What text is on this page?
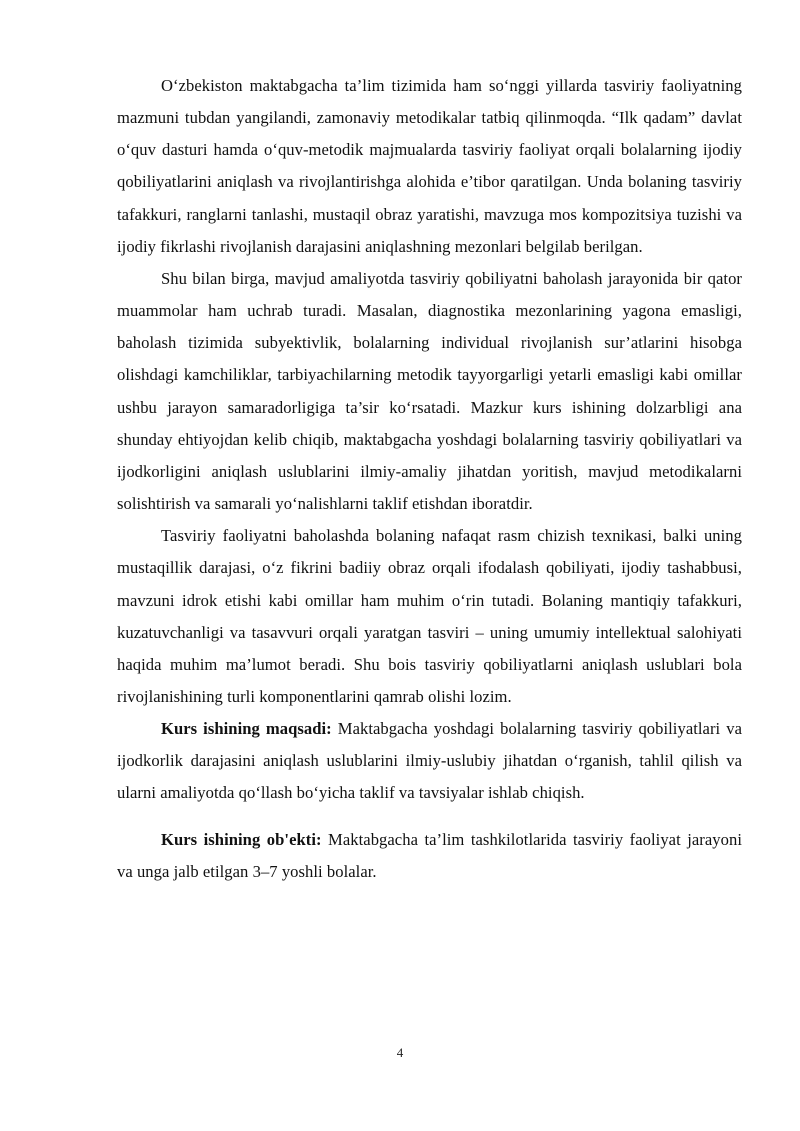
O‘zbekiston maktabgacha ta’lim tizimida ham so‘nggi yillarda tasviriy faoliyatning mazmuni tubdan yangilandi, zamonaviy metodikalar tatbiq qilinmoqda. “Ilk qadam” davlat o‘quv dasturi hamda o‘quv-metodik majmualarda tasviriy faoliyat orqali bolalarning ijodiy qobiliyatlarini aniqlash va rivojlantirishga alohida e’tibor qaratilgan. Unda bolaning tasviriy tafakkuri, ranglarni tanlashi, mustaqil obraz yaratishi, mavzuga mos kompozitsiya tuzishi va ijodiy fikrlashi rivojlanish darajasini aniqlashning mezonlari belgilab berilgan.

Shu bilan birga, mavjud amaliyotda tasviriy qobiliyatni baholash jarayonida bir qator muammolar ham uchrab turadi. Masalan, diagnostika mezonlarining yagona emasligi, baholash tizimida subyektivlik, bolalarning individual rivojlanish sur’atlarini hisobga olishdagi kamchiliklar, tarbiyachilarning metodik tayyorgarligi yetarli emasligi kabi omillar ushbu jarayon samaradorligiga ta’sir ko‘rsatadi. Mazkur kurs ishining dolzarbligi ana shunday ehtiyojdan kelib chiqib, maktabgacha yoshdagi bolalarning tasviriy qobiliyatlari va ijodkorligini aniqlash uslublarini ilmiy-amaliy jihatdan yoritish, mavjud metodikalarni solishtirish va samarali yo‘nalishlarni taklif etishdan iboratdir.

Tasviriy faoliyatni baholashda bolaning nafaqat rasm chizish texnikasi, balki uning mustaqillik darajasi, o‘z fikrini badiiy obraz orqali ifodalash qobiliyati, ijodiy tashabbusi, mavzuni idrok etishi kabi omillar ham muhim o‘rin tutadi. Bolaning mantiqiy tafakkuri, kuzatuvchanligi va tasavvuri orqali yaratgan tasviri – uning umumiy intellektual salohiyati haqida muhim ma’lumot beradi. Shu bois tasviriy qobiliyatlarni aniqlash uslublari bola rivojlanishining turli komponentlarini qamrab olishi lozim.

Kurs ishining maqsadi: Maktabgacha yoshdagi bolalarning tasviriy qobiliyatlari va ijodkorlik darajasini aniqlash uslublarini ilmiy-uslubiy jihatdan o‘rganish, tahlil qilish va ularni amaliyotda qo‘llash bo‘yicha taklif va tavsiyalar ishlab chiqish.

Kurs ishining ob'ekti: Maktabgacha ta’lim tashkilotlarida tasviriy faoliyat jarayoni va unga jalb etilgan 3–7 yoshli bolalar.

4
